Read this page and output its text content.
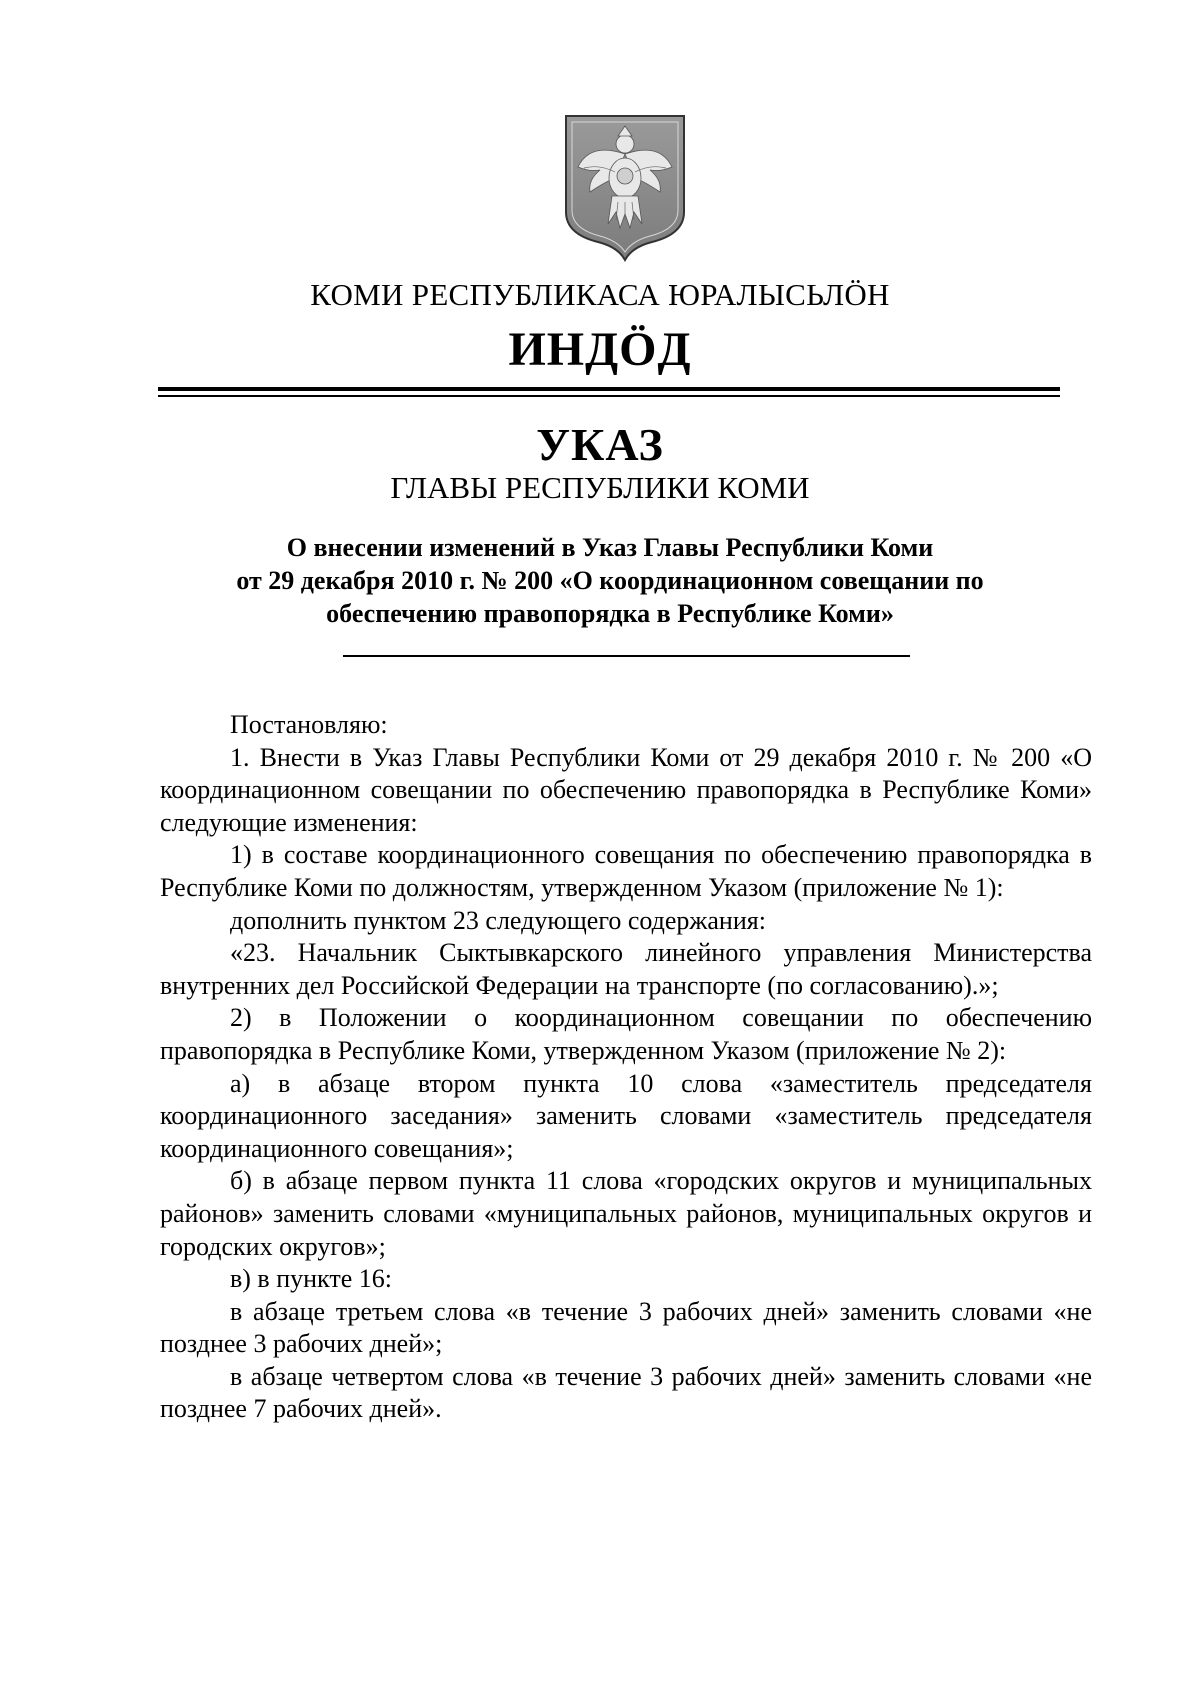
КОМИ РЕСПУБЛИКАСА ЮРАЛЫСЬЛÖН
ИНДÖД
УКАЗ
ГЛАВЫ РЕСПУБЛИКИ КОМИ
О внесении изменений в Указ Главы Республики Коми
от 29 декабря 2010 г. № 200 «О координационном совещании по
обеспечению правопорядка в Республике Коми»

Постановляю:

1. Внести в Указ Главы Республики Коми от 29 декабря 2010 г. № 200 «О координационном совещании по обеспечению правопорядка в Республике Коми» следующие изменения:

1) в составе координационного совещания по обеспечению правопорядка в Республике Коми по должностям, утвержденном Указом (приложение № 1):

дополнить пунктом 23 следующего содержания:

«23. Начальник Сыктывкарского линейного управления Министерства внутренних дел Российской Федерации на транспорте (по согласованию).»;

2) в Положении о координационном совещании по обеспечению правопорядка в Республике Коми, утвержденном Указом (приложение № 2):

а) в абзаце втором пункта 10 слова «заместитель председателя координационного заседания» заменить словами «заместитель председателя координационного совещания»;

б) в абзаце первом пункта 11 слова «городских округов и муниципальных районов» заменить словами «муниципальных районов, муниципальных округов и городских округов»;

в) в пункте 16:

в абзаце третьем слова «в течение 3 рабочих дней» заменить словами «не позднее 3 рабочих дней»;

в абзаце четвертом слова «в течение 3 рабочих дней» заменить словами «не позднее 7 рабочих дней».
